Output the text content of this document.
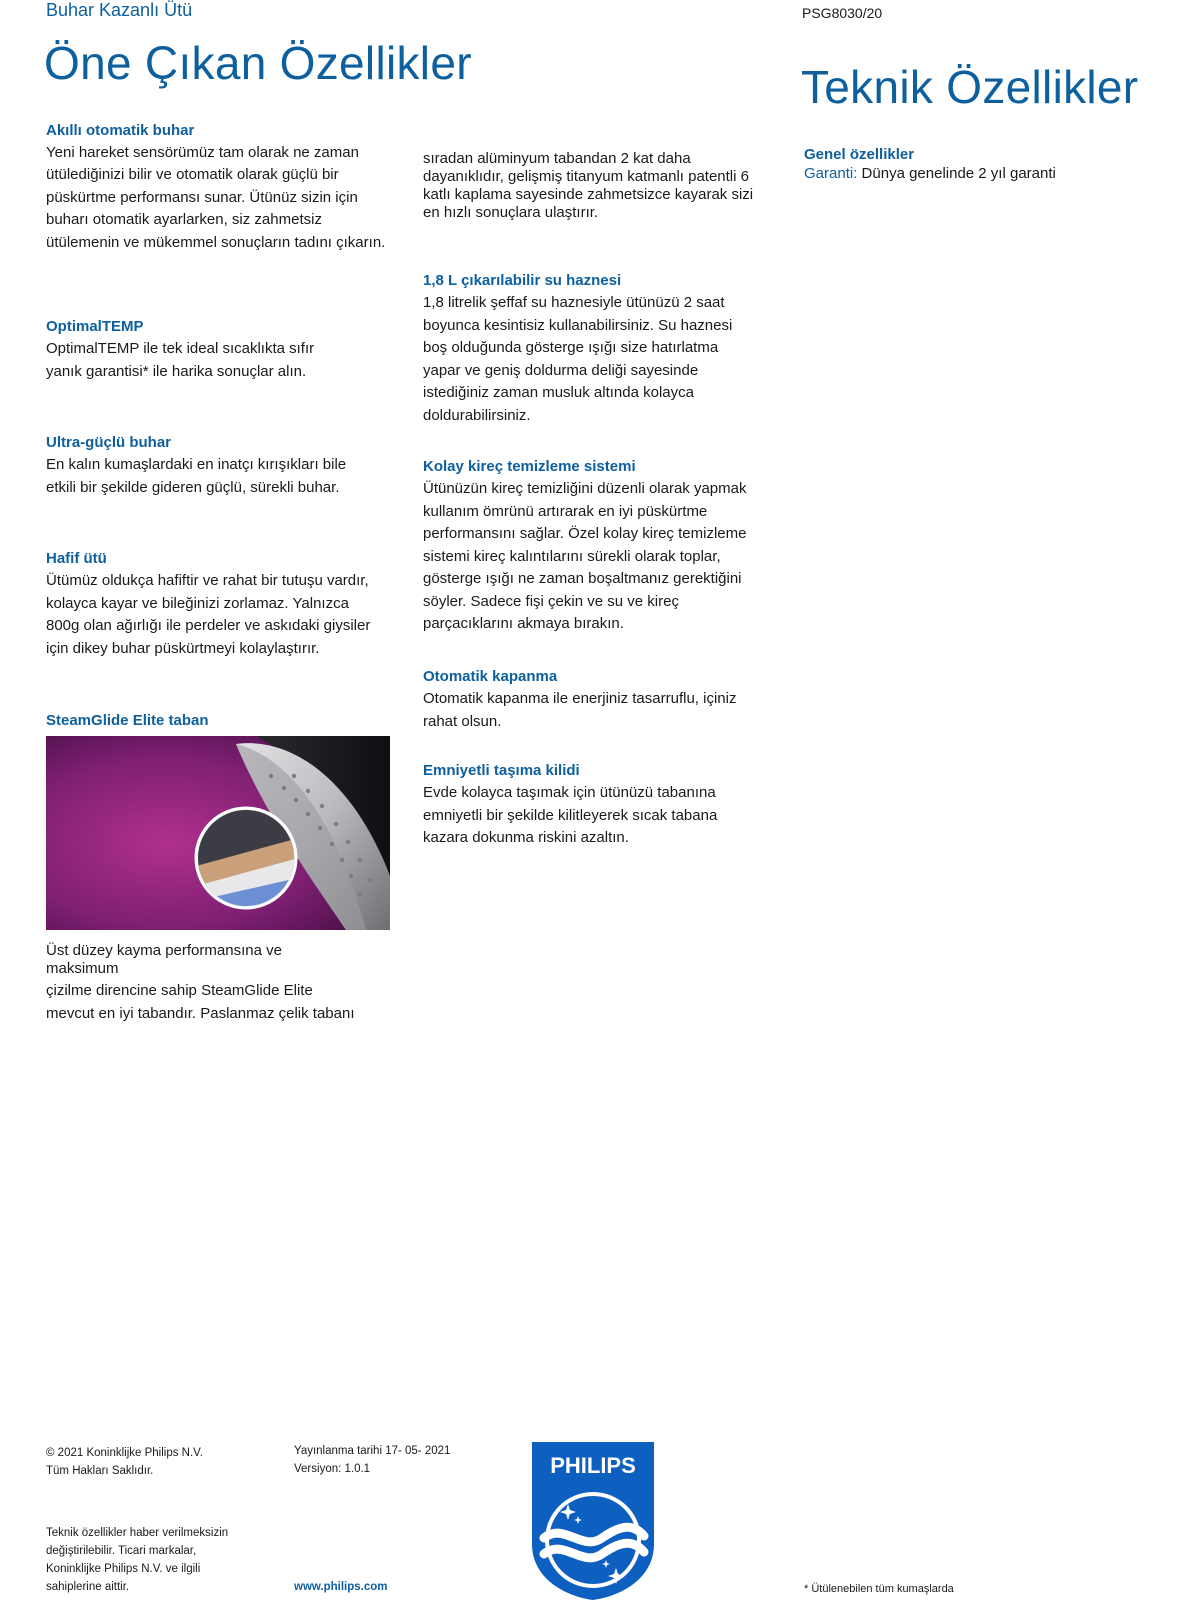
Buhar Kazanlı Ütü	PSG8030/20
Öne Çıkan Özellikler	Teknik Özellikler
Akıllı otomatik buhar
Yeni hareket sensörümüz tam olarak ne zaman
ütülediğinizi bilir ve otomatik olarak güçlü bir
püskürtme performansı sunar. Ütünüz sizin için
buharı otomatik ayarlarken, siz zahmetsiz
ütülemenin ve mükemmel sonuçların tadını çıkarın.
OptimalTEMP
OptimalTEMP ile tek ideal sıcaklıkta sıfır
yanık garantisi* ile harika sonuçlar alın.
Ultra-güçlü buhar
En kalın kumaşlardaki en inatçı kırışıkları bile
etkili bir şekilde gideren güçlü, sürekli buhar.
Hafif ütü
Ütümüz oldukça hafiftir ve rahat bir tutuşu vardır,
kolayca kayar ve bileğinizi zorlamaz. Yalnızca
800g olan ağırlığı ile perdeler ve askıdaki giysiler
için dikey buhar püskürtmeyi kolaylaştırır.
SteamGlide Elite taban
Üst düzey kayma performansına ve
maksimum
çizilme direncine sahip SteamGlide Elite
mevcut en iyi tabandır. Paslanmaz çelik tabanı
sıradan alüminyum tabandan 2 kat daha
dayanıklıdır, gelişmiş titanyum katmanlı patentli 6
katlı kaplama sayesinde zahmetsizce kayarak sizi
en hızlı sonuçlara ulaştırır.
1,8 L çıkarılabilir su haznesi
1,8 litrelik şeffaf su haznesiyle ütünüzü 2 saat
boyunca kesintisiz kullanabilirsiniz. Su haznesi
boş olduğunda gösterge ışığı size hatırlatma
yapar ve geniş doldurma deliği sayesinde
istediğiniz zaman musluk altında kolayca
doldurabilirsiniz.
Kolay kireç temizleme sistemi
Ütünüzün kireç temizliğini düzenli olarak yapmak
kullanım ömrünü artırarak en iyi püskürtme
performansını sağlar. Özel kolay kireç temizleme
sistemi kireç kalıntılarını sürekli olarak toplar,
gösterge ışığı ne zaman boşaltmanız gerektiğini
söyler. Sadece fişi çekin ve su ve kireç
parçacıklarını akmaya bırakın.
Otomatik kapanma
Otomatik kapanma ile enerjiniz tasarruflu, içiniz
rahat olsun.
Emniyetli taşıma kilidi
Evde kolayca taşımak için ütünüzü tabanına
emniyetli bir şekilde kilitleyerek sıcak tabana
kazara dokunma riskini azaltın.
Genel özellikler
Garanti: Dünya genelinde 2 yıl garanti
© 2021 Koninklijke Philips N.V.
Tüm Hakları Saklıdır.
Yayınlanma tarihi 17- 05- 2021
Versiyon: 1.0.1
Teknik özellikler haber verilmeksizin
değiştirilebilir. Ticari markalar,
Koninklijke Philips N.V. ve ilgili
sahiplerine aittir.	www.philips.com
PHILIPS
* Ütülenebilen tüm kumaşlarda
